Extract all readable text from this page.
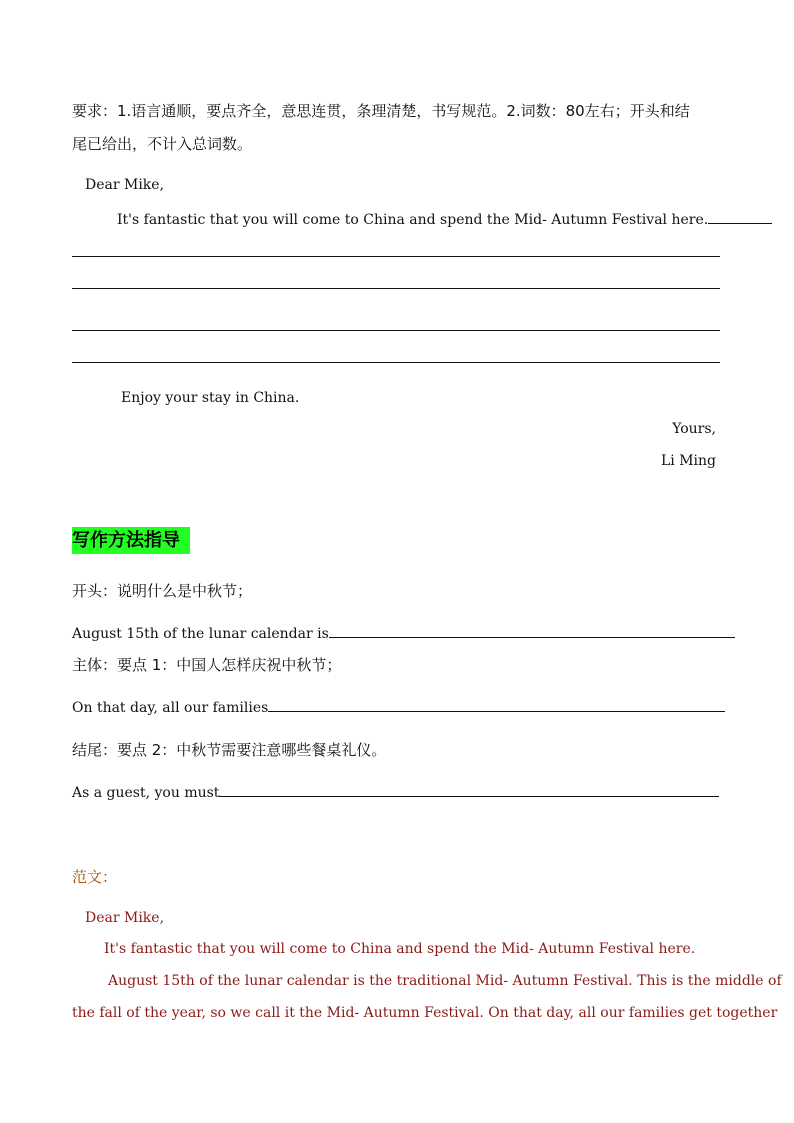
要求：1.语言通顺，要点齐全，意思连贯，条理清楚，书写规范。2.词数：80左右；开头和结
尾已给出，不计入总词数。
Dear Mike,
It's fantastic that you will come to China and spend the Mid- Autumn Festival here.
Enjoy your stay in China.
Yours,
Li Ming
写作方法指导
开头：说明什么是中秋节；
August 15th of the lunar calendar is
主体：要点 1：中国人怎样庆祝中秋节；
On that day, all our families
结尾：要点 2：中秋节需要注意哪些餐桌礼仪。
As a guest, you must
范文：
Dear Mike,
It's fantastic that you will come to China and spend the Mid- Autumn Festival here.
August 15th of the lunar calendar is the traditional Mid- Autumn Festival. This is the middle of
the fall of the year, so we call it the Mid- Autumn Festival. On that day, all our families get together
